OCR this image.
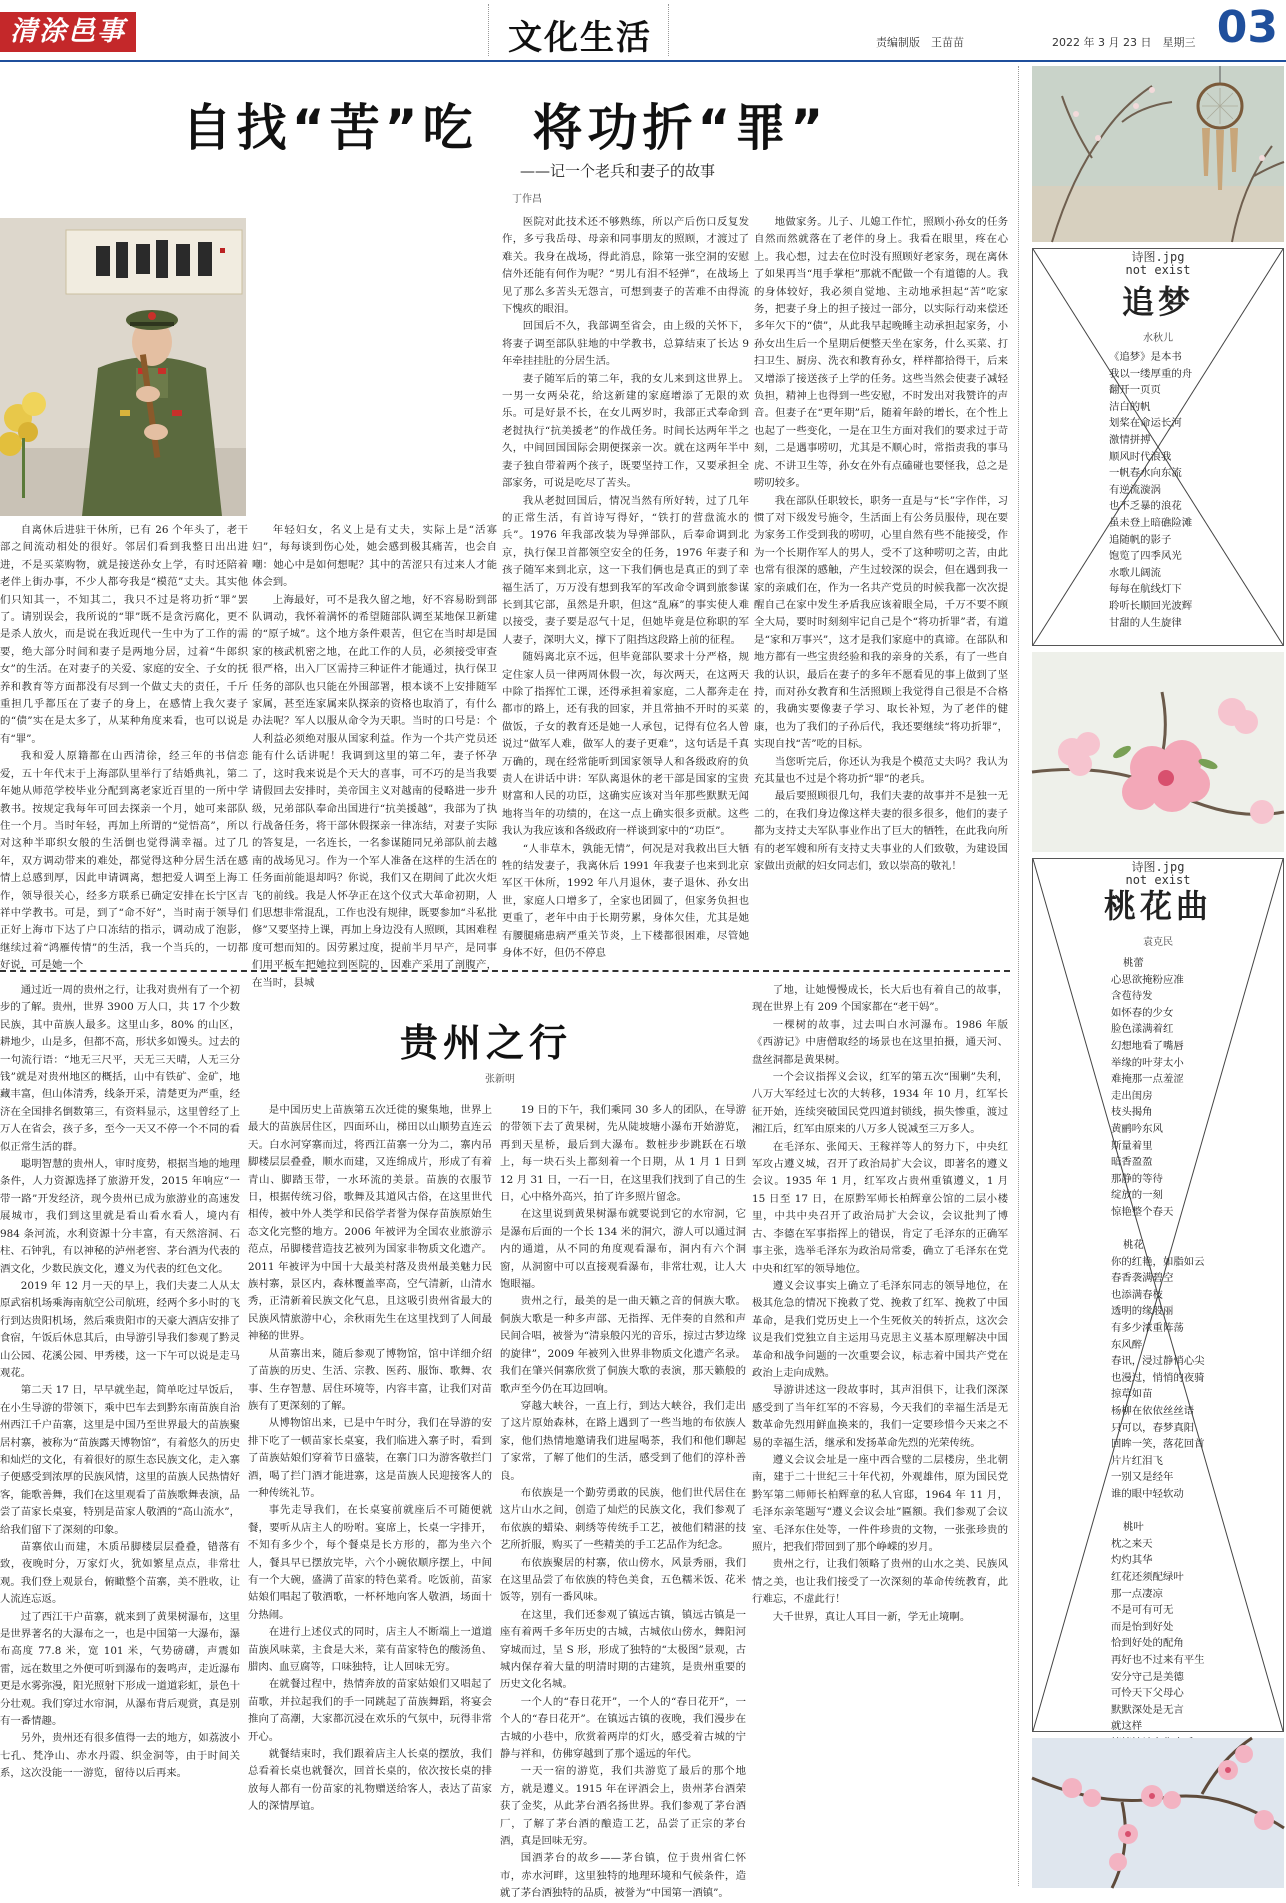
清涂邑事	文化生活	责编制版　王苗苗	2022 年 3 月 23 日　星期三 03
自找“苦”吃　将功折“罪”
——记一个老兵和妻子的故事
丁作昌

自离休后进驻干休所，已有 26 个年头了，老干部之间流动相处的很好。邻居们看到我整日出出进进，不是买菜购物，就是接送孙女上学，有时还陪着老伴上街办事，不少人都夸我是“模范”丈夫。其实他们只知其一，不知其二，我只不过是将功折“罪”罢了。请别误会，我所说的“罪”既不是贪污腐化，更不是杀人放火，而是说在我近现代一生中为了工作的需要，绝大部分时间和妻子是两地分居，过着“牛郎织女”的生活。在对妻子的关爱、家庭的安全、子女的抚养和教育等方面都没有尽到一个做丈夫的责任，千斤重担几乎都压在了妻子的身上，在感情上我欠妻子的“债”实在是太多了，从某种角度来看，也可以说是有“罪”。

我和爱人原籍都在山西清徐，经三年的书信恋爱，五十年代末于上海部队里举行了结婚典礼，第二年她从师范学校毕业分配到离老家近百里的一所中学教书。按规定我每年可回去探亲一个月，她可来部队住一个月。当时年轻，再加上所谓的“觉悟高”，所以对这种半耶织女般的生活倒也觉得满幸福。过了几年，双方调动带来的难处，都觉得这种分居生活在感情上总感到厚，因此申请调离，想把爱人调至上海工作，领导很关心，经多方联系已确定安排在长宁区吉祥中学教书。可是，到了“命不好”，当时南于领导们正好上海市下达了户口冻结的指示，调动成了泡影，继续过着“鸿雁传情”的生活，我一个当兵的，一切都好说，可是她一个

年轻妇女，名义上是有丈夫，实际上是“活寡妇”，每每谈到伤心处，她会感到极其痛苦，也会自嘲：她心中是如何想呢？其中的苦涩只有过来人才能体会到。

上海最好，可不是我久留之地，好不容易盼到部队调动，我怀着满怀的希望随部队调至某地保卫新建的“原子城”。这个地方条件艰苦，但它在当时却是国家的核武机密之地，在此工作的人员，必须接受审查很严格，出入厂区需持三种证件才能通过，执行保卫任务的部队也只能在外围部署，根本谈不上安排随军家属，甚至连家属来队探亲的资格也取消了，有什么办法呢？军人以服从命令为天职。当时的口号是：个人利益必须绝对服从国家利益。作为一个共产党员还能有什么话讲呢！我调到这里的第二年，妻子怀孕了，这时我来说是个天大的喜事，可不巧的是当我要请假回去安排时，美帝国主义对越南的侵略进一步升级，兄弟部队奉命出国进行“抗美援越”，我部为了执行战备任务，将干部休假探亲一律冻结，对妻子实际的答复是，一名连长，一名参谋随同兄弟部队前去越南的战场见习。作为一个军人准备在这样的生活在的任务面前能退却吗？你说，我们又在期间了此次火炬飞的前线。我是人怀孕正在这个仪式大革命初期，人们思想非常混乱，工作也没有规律，既要参加“斗私批修”又要坚持上课，再加上身边没有人照顾，其困难程度可想而知的。因劳累过度，提前半月早产，是同事们用平板车把她拉到医院的，因难产采用了剖腹产，在当时，县城

医院对此技术还不够熟练，所以产后伤口反复发作，多亏我岳母、母亲和同事朋友的照顾，才渡过了难关。我身在战场，得此消息，除第一张空洞的安慰信外还能有何作为呢？“男儿有泪不轻弹”，在战场上见了那么多苦头无怨言，可想到妻子的苦难不由得流下愧疚的眼泪。

回国后不久，我部调至省会，由上级的关怀下，将妻子调至部队驻地的中学教书，总算结束了长达 9 年牵挂挂肚的分居生活。

妻子随军后的第二年，我的女儿来到这世界上。一男一女两朵花，给这新建的家庭增添了无限的欢乐。可是好景不长，在女儿两岁时，我部正式奉命到老挝执行“抗美援老”的作战任务。时间长达两年半之久，中间回国国际会期便探亲一次。就在这两年半中妻子独自带着两个孩子，既要坚持工作，又要承担全部家务，可说是吃尽了苦头。

我从老挝回国后，情况当然有所好转，过了几年的正常生活，有首诗写得好，“铁打的营盘流水的兵”。1976 年我部改装为导弹部队，后奉命调到北京，执行保卫首都领空安全的任务，1976 年妻子和孩子随军来到北京，这一下我们俩也是真正的到了幸福生活了，万万没有想到我军的军改命令调到旅参谋长到其它部，虽然是升职，但这“乱麻”的事实使人难以接受，妻子要是忍气十足，但她毕竟是位称职的军人妻子，深明大义，撑下了阻挡这段路上前的征程。

随妈离北京不远，但毕竟部队要求十分严格，规定住家人员一律两周休假一次，每次两天，在这两天中除了指挥忙工课，还得承担着家庭，二人都奔走在都市的路上，还有我的回家，并且常抽不开时的买菜做饭，子女的教育还是她一人承包，记得有位名人曾说过“做军人难，做军人的妻子更难”，这句话是千真万确的，现在经常能听到国家领导人和各级政府的负责人在讲话中讲：军队离退休的老干部是国家的宝贵财富和人民的功臣，这确实应该对当年那些默默无闻地将当年的功绩的，在这一点上确实很多贡献。这些我认为我应该和各级政府一样谈到家中的“功臣”。

“人非草木，孰能无情”，何况是对我救出巨大牺牲的结发妻子，我离休后 1991 年我妻子也来到北京军区干休所，1992 年八月退休，妻子退休、孙女出世，家庭人口增多了，全家也团圆了，但家务负担也更重了，老年中由于长期劳累，身体欠佳，尤其是她有腰腿痛患病严重关节炎，上下楼都很困难，尽管她身体不好，但仍不停息

地做家务。儿子、儿媳工作忙，照顾小孙女的任务自然而然就落在了老伴的身上。我看在眼里，疼在心上。我心想，过去在位时没有照顾好老家务，现在离休了如果再当“甩手掌柜”那就不配做一个有道德的人。我的身体较好，我必须自觉地、主动地承担起“苦”吃家务，把妻子身上的担子接过一部分，以实际行动来偿还多年欠下的“债”，从此我早起晚睡主动承担起家务，小孙女出生后一个星期后便整天坐在家务，什么买菜、打扫卫生、厨房、洗衣和教育孙女，样样都拾得干，后来又增添了接送孩子上学的任务。这些当然会使妻子减轻负担，精神上也得到一些安慰，不时发出对我赞许的声音。但妻子在“更年期”后，随着年龄的增长，在个性上也起了一些变化，一是在卫生方面对我们的要求过于苛刻，二是遇事唠叨，尤其是不顺心时，常指责我的事马虎、不讲卫生等，孙女在外有点磕碰也要怪我，总之是唠叨较多。

我在部队任职较长，职务一直是与“长”字作伴，习惯了对下级发号施令，生活面上有公务员服侍，现在要为家务工作受到我的唠叨，心里自然有些不能接受，作为一个长期作军人的男人，受不了这种唠叨之苦，由此也常有很深的感触，产生过较深的误会，但在遇到我一家的亲戚们在，作为一名共产党员的时候我都一次次提醒自己在家中发生矛盾我应该着眼全局，千万不要不顾全大局，要时时刻刻牢记自己是个“将功折罪”者，有道是“家和万事兴”，这才是我们家庭中的真谛。在部队和地方都有一些宝贵经验和我的亲身的关系，有了一些自我的认识，最后在妻子的多年不愿看见的事上做到了坚持，而对孙女教育和生活照顾上我觉得自己很是不合格的，我确实要像妻子学习、取长补短，为了老伴的健康，也为了我们的子孙后代，我还要继续“将功折罪”，实现自找“苦”吃的目标。

当您听完后，你还认为我是个模范丈夫吗？我认为充其量也不过是个将功折“罪”的老兵。

最后要照顾很几句，我们夫妻的故事并不是独一无二的，在我们身边像这样夫妻的很多很多，他们的妻子都为支持丈夫军队事业作出了巨大的牺牲，在此我向所有的老军嫂和所有支持丈夫事业的人们致敬，为建设国家做出贡献的妇女同志们，致以崇高的敬礼！

贵州之行
张新明

通过近一周的贵州之行，让我对贵州有了一个初步的了解。贵州，世界 3900 万人口，共 17 个少数民族，其中苗族人最多。这里山多，80% 的山区，耕地少，山是多，但都不高，形状多如馒头。过去的一句流行语：“地无三尺平，天无三天晴，人无三分钱”就是对贵州地区的概括，山中有铁矿、金矿，地藏丰富，但山体清秀，线条开采，清楚更为严重，经济在全国排名倒数第三，有资料显示，这里曾经了上万人在省会，孩子多，至今一天又不停一个不同的看似正常生活的群。

聪明智慧的贵州人，审时度势，根据当地的地理条件，人力资源选择了旅游开发，2015 年响应“一带一路”开发经济，现今贵州已成为旅游业的高速发展城市，我们到这里就是看山看水看人，境内有 984 条河流，水利资源十分丰富，有天然溶洞、石柱、石钟乳，有以神秘的泸州老窖、茅台酒为代表的酒文化，少数民族文化，遵义为代表的红色文化。

2019 年 12 月一天的早上，我们夫妻二人从太原武宿机场乘海南航空公司航班，经两个多小时的飞行到达贵阳机场，然后乘贵阳市的天豪大酒店安排了食宿，午饭后休息其后，由导游引导我们参观了黔灵山公园、花溪公园、甲秀楼，这一下午可以说是走马观花。

第二天 17 日，早早就坐起，简单吃过早饭后，在小生导游的带领下，乘中巴车去到黔东南苗族自治州西江千户苗寨，这里是中国乃至世界最大的苗族聚居村寨，被称为“苗族露天博物馆”，有着悠久的历史和灿烂的文化，有着很好的原生态民族文化，走入寨子便感受到浓厚的民族风情，这里的苗族人民热情好客，能歌善舞，我们在这里观看了苗族歌舞表演，品尝了苗家长桌宴，特别是苗家人敬酒的“高山流水”，给我们留下了深刻的印象。

苗寨依山而建，木质吊脚楼层层叠叠，错落有致，夜晚时分，万家灯火，犹如繁星点点，非常壮观。我们登上观景台，俯瞰整个苗寨，美不胜收，让人流连忘返。

过了西江干户苗寨，就来到了黄果树瀑布，这里是世界著名的大瀑布之一，也是中国第一大瀑布，瀑布高度 77.8 米，宽 101 米，气势磅礴，声震如雷，远在数里之外便可听到瀑布的轰鸣声，走近瀑布更是水雾弥漫，阳光照射下形成一道道彩虹，景色十分壮观。我们穿过水帘洞，从瀑布背后观赏，真是别有一番情趣。

另外，贵州还有很多值得一去的地方，如荔波小七孔、梵净山、赤水丹霞、织金洞等，由于时间关系，这次没能一一游览，留待以后再来。

是中国历史上苗族第五次迁徙的聚集地，世界上最大的苗族居住区，四面环山，梯田以山顺势直连云天。白水河穿寨而过，将西江苗寨一分为二，寨内吊脚楼层层叠叠，顺水而建，又连绵成片，形成了有着青山、脚踏玉带，一水环流的美景。苗族的衣服节日，根据传统习俗，歌舞及其道风古俗，在这里世代相传，被中外人类学和民俗学者誉为保存苗族原始生态文化完整的地方。2006 年被评为全国农业旅游示范点，吊脚楼营造技艺被列为国家非物质文化遗产。2011 年被评为中国十大最美村落及贵州最美魅力民族村寨，景区内，森林覆盖率高，空气清新，山清水秀，正清新着民族文化气息，且这吸引贵州省最大的民族风情旅游中心，余秋雨先生在这里找到了人间最神秘的世界。

从苗寨出来，随后参观了博物馆，馆中详细介绍了苗族的历史、生活、宗教、医药、服饰、歌舞、农事、生存智慧、居住环境等，内容丰富，让我们对苗族有了更深刻的了解。

从博物馆出来，已是中午时分，我们在导游的安排下吃了一顿苗家长桌宴，我们临进入寨子时，看到了苗族姑娘们穿着节日盛装，在寨门口为游客敬拦门酒，喝了拦门酒才能进寨，这是苗族人民迎接客人的一种传统礼节。

事先走导我们，在长桌宴前就座后不可随便就餐，要听从店主人的吩咐。宴席上，长桌一字排开，不知有多少个，每个餐桌是长方形的，都为坐六个人，餐具早已摆放完毕，六个小碗依顺序摆上，中间有一个大碗，盛满了苗家的特色菜肴。吃饭前，苗家姑娘们唱起了敬酒歌，一杯杯地向客人敬酒，场面十分热闹。

在进行上述仪式的同时，店主人不断端上一道道苗族风味菜，主食是大米，菜有苗家特色的酸汤鱼、腊肉、血豆腐等，口味独特，让人回味无穷。

在就餐过程中，热情奔放的苗家姑娘们又唱起了苗歌，并拉起我们的手一同跳起了苗族舞蹈，将宴会推向了高潮，大家都沉浸在欢乐的气氛中，玩得非常开心。

就餐结束时，我们跟着店主人长桌的摆放，我们总看着长桌也就餐次，回首长桌的，依次按长桌的排放每人都有一份苗家的礼物赠送给客人，表达了苗家人的深情厚谊。

19 日的下午，我们乘同 30 多人的团队，在导游的带领下去了黄果树，先从陡坡塘小瀑布开始游览，再到天星桥，最后到大瀑布。数桩步步跳跃在石墩上，每一块石头上都刻着一个日期，从 1 月 1 日到 12 月 31 日，一石一日，在这里我们找到了自己的生日，心中格外高兴，拍了许多照片留念。

在这里说到黄果树瀑布就要说到它的水帘洞，它是瀑布后面的一个长 134 米的洞穴，游人可以通过洞内的通道，从不同的角度观看瀑布，洞内有六个洞窗，从洞窗中可以直接观看瀑布，非常壮观，让人大饱眼福。

贵州之行，最美的是一曲天籁之音的侗族大歌。侗族大歌是一种多声部、无指挥、无伴奏的自然和声民间合唱，被誉为“清泉般闪光的音乐，掠过古梦边缘的旋律”，2009 年被列入世界非物质文化遗产名录。我们在肇兴侗寨欣赏了侗族大歌的表演，那天籁般的歌声至今仍在耳边回响。

穿越大峡谷，一直上行，到达大峡谷，我们走出了这片原始森林，在路上遇到了一些当地的布依族人家，他们热情地邀请我们进屋喝茶，我们和他们聊起了家常，了解了他们的生活，感受到了他们的淳朴善良。

布依族是一个勤劳勇敢的民族，他们世代居住在这片山水之间，创造了灿烂的民族文化，我们参观了布依族的蜡染、刺绣等传统手工艺，被他们精湛的技艺所折服，购买了一些精美的手工艺品作为纪念。

布依族聚居的村寨，依山傍水，风景秀丽，我们在这里品尝了布依族的特色美食，五色糯米饭、花米饭等，别有一番风味。

在这里，我们还参观了镇远古镇，镇远古镇是一座有着两千多年历史的古城，古城依山傍水，舞阳河穿城而过，呈 S 形，形成了独特的“太极图”景观，古城内保存着大量的明清时期的古建筑，是贵州重要的历史文化名城。

一个人的“春日花开”，一个人的“春日花开”，一个人的“春日花开”。在镇远古镇的夜晚，我们漫步在古城的小巷中，欣赏着两岸的灯火，感受着古城的宁静与祥和，仿佛穿越到了那个遥远的年代。

一天一宿的游览，我们共游览了最后的那个地方，就是遵义。1915 年在评酒会上，贵州茅台酒荣获了金奖，从此茅台酒名扬世界。我们参观了茅台酒厂，了解了茅台酒的酿造工艺，品尝了正宗的茅台酒，真是回味无穷。

国酒茅台的故乡——茅台镇，位于贵州省仁怀市，赤水河畔，这里独特的地理环境和气候条件，造就了茅台酒独特的品质，被誉为“中国第一酒镇”。

了地，让她慢慢成长，长大后也有着自己的故事，现在世界上有 209 个国家都在“老干妈”。

一棵树的故事，过去叫白水河瀑布。1986 年版《西游记》中唐僧取经的场景也在这里拍摄，通天河、盘丝洞都是黄果树。

一个会议指挥义会议，红军的第五次“围剿”失利，八万大军经过七次的大转移，1934 年 10 月，红军长征开始，连续突破国民党四道封锁线，损失惨重，渡过湘江后，红军由原来的八万多人锐减至三万多人。

在毛泽东、张闻天、王稼祥等人的努力下，中央红军攻占遵义城，召开了政治局扩大会议，即著名的遵义会议。1935 年 1 月，红军攻占贵州重镇遵义，1 月 15 日至 17 日，在原黔军师长柏辉章公馆的二层小楼里，中共中央召开了政治局扩大会议，会议批判了博古、李德在军事指挥上的错误，肯定了毛泽东的正确军事主张，选举毛泽东为政治局常委，确立了毛泽东在党中央和红军的领导地位。

遵义会议事实上确立了毛泽东同志的领导地位，在极其危急的情况下挽救了党、挽救了红军、挽救了中国革命，是我们党历史上一个生死攸关的转折点，这次会议是我们党独立自主运用马克思主义基本原理解决中国革命和战争问题的一次重要会议，标志着中国共产党在政治上走向成熟。

导游讲述这一段故事时，其声泪俱下，让我们深深感受到了当年红军的不容易，今天我们的幸福生活是无数革命先烈用鲜血换来的，我们一定要珍惜今天来之不易的幸福生活，继承和发扬革命先烈的光荣传统。

遵义会议会址是一座中西合璧的二层楼房，坐北朝南，建于二十世纪三十年代初，外观雄伟，原为国民党黔军第二师师长柏辉章的私人官邸，1964 年 11 月，毛泽东亲笔题写“遵义会议会址”匾额。我们参观了会议室、毛泽东住处等，一件件珍贵的文物，一张张珍贵的照片，把我们带回到了那个峥嵘的岁月。

贵州之行，让我们领略了贵州的山水之美、民族风情之美，也让我们接受了一次深刻的革命传统教育，此行难忘，不虚此行！

大千世界，真让人耳目一新，学无止境啊。

诗图.jpg
not exist
追梦
水秋儿
《追梦》是本书
我以一缕厚重的舟
翻开一页页
洁白的帆
划桨在命运长河
激情拼搏
顺风时代浪我
一帆春水向东流
有逆流漩涡
也不乏暴的浪花
虽未登上暗礁险滩
追随帆的影子
饱览了四季风光
水歌儿阔流
每每在航线灯下
聆听长顺回光波辉
甘甜的人生旋律
诗图.jpg
not exist
桃花曲
袁克民
桃蕾
心思欲掩粉应准
含苞待发
如怀春的少女
脸色漾满着红
幻想地看了嘴唇
举缘的叶芽太小
难掩那一点羞涩
走出闺房
枝头揭角
黄鹂吟东风
斯量着里
暗香盈盈
那静的等待
绽放的一刻
惊艳整个春天
桃花
你的红艳，如脂如云
春香袭满碧空
也添满春枝
透明的缘般丽
有多少浓重阵荡
东风醉
春讯，浸过静悄心尖
也漫过，悄悄的夜骑
掠草如苗
杨柳在依依丝丝语
只可以，春梦真阳
回眸一笑，落花回首
片片红泪飞
一别又是经年
谁的眼中轻软动
桃叶
枕之来天
灼灼其华
红花还须配绿叶
那一点凄凉
不是可有可无
而是怡到好处
恰到好处的配角
再好也不过来有平生
安分守己是美德
可怜天下父母心
默默深处是无言
就这样
